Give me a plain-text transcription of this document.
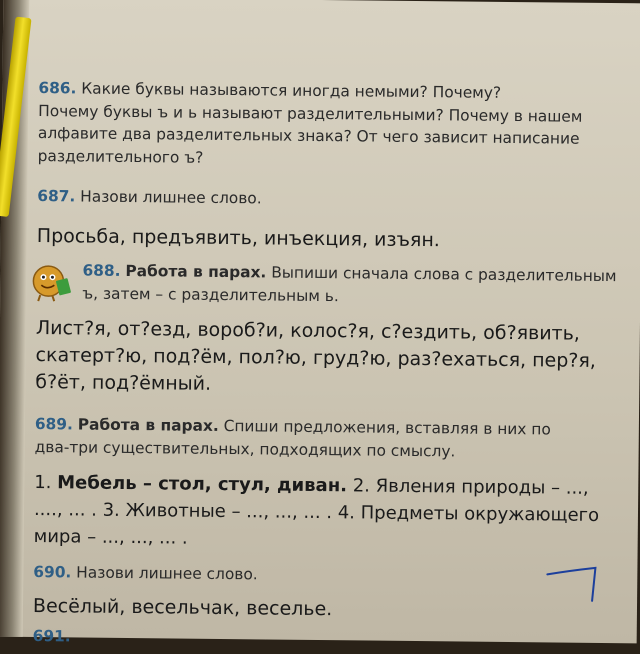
686. Какие буквы называются иногда немыми? Почему?
Почему буквы ъ и ь называют разделительными? Почему в нашем
алфавите два разделительных знака? От чего зависит написание
разделительного ъ?
687. Назови лишнее слово.
Просьба, предъявить, инъекция, изъян.
688. Работа в парах. Выпиши сначала слова с разделительным
ъ, затем – с разделительным ь.
Лист?я, от?езд, вороб?и, колос?я, с?ездить, об?явить,
скатерт?ю, под?ём, пол?ю, груд?ю, раз?ехаться, пер?я,
б?ёт, под?ёмный.
689. Работа в парах. Спиши предложения, вставляя в них по
два-три существительных, подходящих по смыслу.
1. Мебель – стол, стул, диван. 2. Явления природы – ...,
...., ... . 3. Животные – ..., ..., ... . 4. Предметы окружающего
мира – ..., ..., ... .
690. Назови лишнее слово.
Весёлый, весельчак, веселье.
691.
